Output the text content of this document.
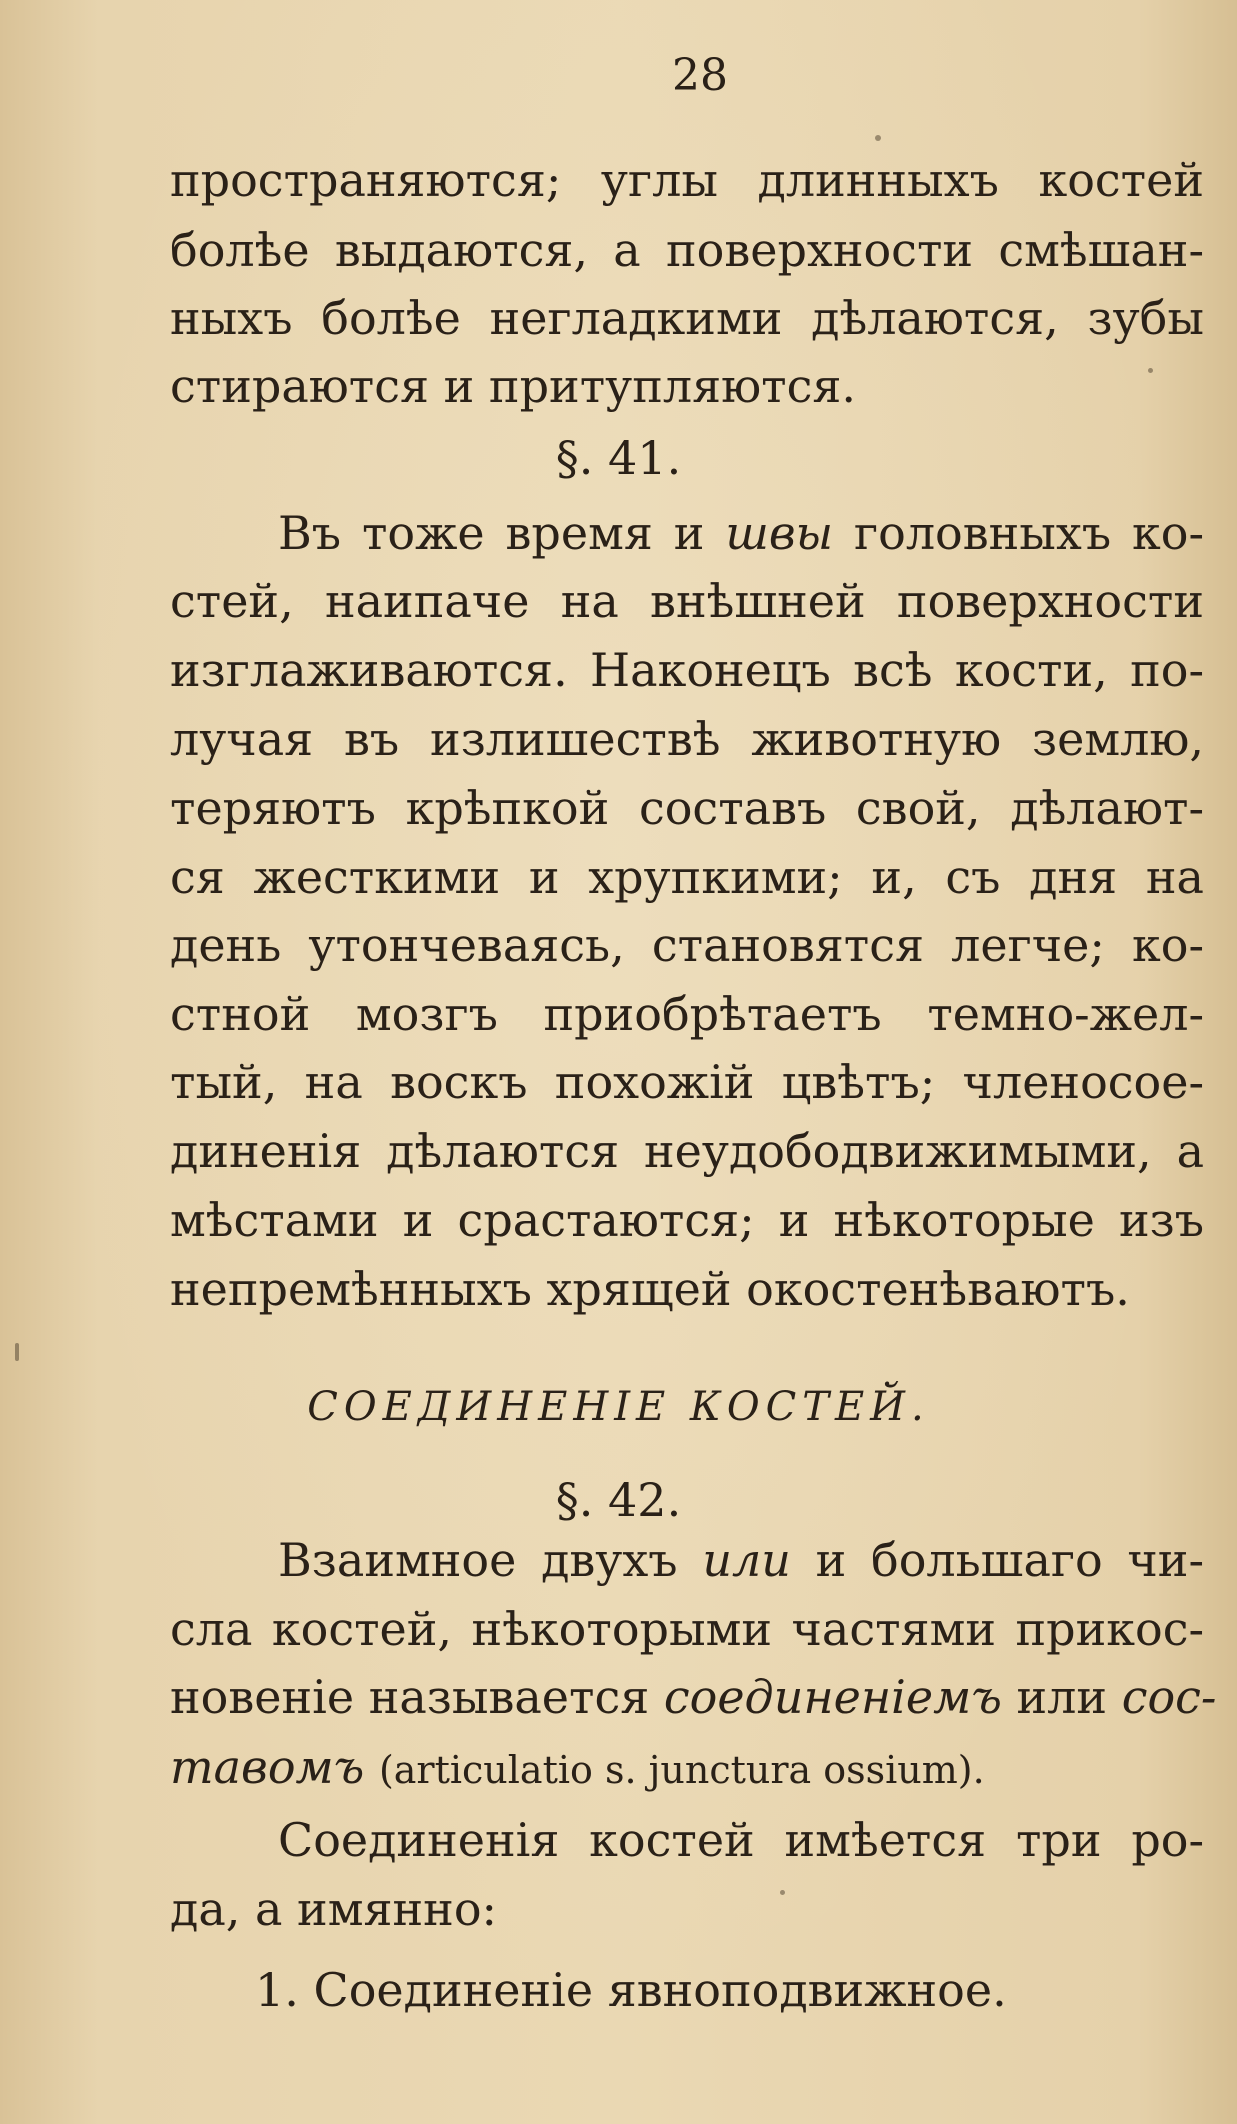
28
пространяются; углы длинныхъ костей
болѣе выдаются, а поверхности смѣшан-
ныхъ болѣе негладкими дѣлаются, зубы
стираются и притупляются.
§. 41.
Въ тоже время и швы головныхъ ко-
стей, наипаче на внѣшней поверхности
изглаживаются. Наконецъ всѣ кости, по-
лучая въ излишествѣ животную землю,
теряютъ крѣпкой составъ свой, дѣлают-
ся жесткими и хрупкими; и, съ дня на
день утончеваясь, становятся легче; ко-
стной мозгъ приобрѣтаетъ темно-жел-
тый, на воскъ похожій цвѣтъ; членосое-
диненія дѣлаются неудободвижимыми, а
мѣстами и срастаются; и нѣкоторые изъ
непремѣнныхъ хрящей окостенѣваютъ.
СОЕДИНЕНІЕ КОСТЕЙ.
§. 42.
Взаимное двухъ или и большаго чи-
сла костей, нѣкоторыми частями прикос-
новеніе называется соединеніемъ или сос-
тавомъ (articulatio s. junctura ossium).
Соединенія костей имѣется три ро-
да, а имянно:
1. Соединеніе явноподвижное.
